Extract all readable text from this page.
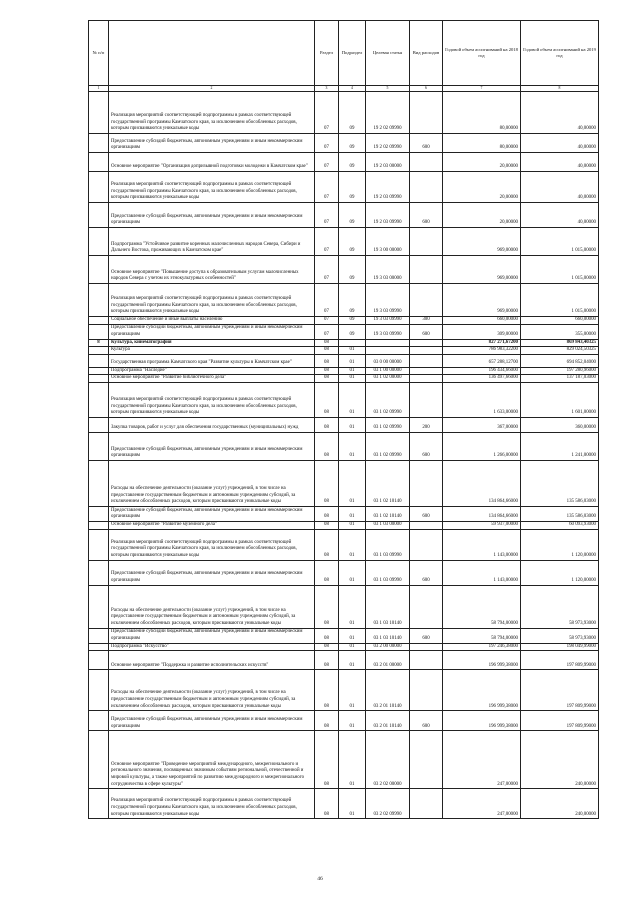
№ п/п		Раздел	Подраздел	Целевая статья	Вид расходов	Годовой объем ассигнований на 2018 год	Годовой объем ассигнований на 2019 год
1	2	3	4	5	6	7	8
	Реализация мероприятий соответствующей подпрограммы в рамках соответствующей государственной программы Камчатского края, за исключением обособленных расходов, которым присваиваются уникальные коды	07	09	19 2 02 09990		80,00000	40,00000
	Предоставление субсидий бюджетным, автономным учреждениям и иным некоммерческим организациям	07	09	19 2 02 09990	600	80,00000	40,00000
	Основное мероприятие "Организация допризывной подготовки молодежи в Камчатском крае"	07	09	19 2 03 00000		20,00000	40,00000
	Реализация мероприятий соответствующей подпрограммы в рамках соответствующей государственной программы Камчатского края, за исключением обособленных расходов, которым присваиваются уникальные коды	07	09	19 2 03 09990		20,00000	40,00000
	Предоставление субсидий бюджетным, автономным учреждениям и иным некоммерческим организациям	07	09	19 2 03 09990	600	20,00000	40,00000
	Подпрограмма "Устойчивое развитие коренных малочисленных народов Севера, Сибири и Дальнего Востока, проживающих в Камчатском крае"	07	09	19 3 00 00000		969,00000	1 015,00000
	Основное мероприятие "Повышение доступа к образовательным услугам малочисленных народов Севера с учетом их этнокультурных особенностей"	07	09	19 3 03 00000		969,00000	1 015,00000
	Реализация мероприятий соответствующей подпрограммы в рамках соответствующей государственной программы Камчатского края, за исключением обособленных расходов, которым присваиваются уникальные коды	07	09	19 3 03 09990		969,00000	1 015,00000
	Социальное обеспечение и иные выплаты населению	07	09	19 3 03 09990	300	660,00000	660,00000
	Предоставление субсидий бюджетным, автономным учреждениям и иным некоммерческим организациям	07	09	19 3 03 09990	600	309,00000	355,00000
8	Культура, кинематография	08				827 271,67200	869 843,40325
	Культура	08	01			786 983,32200	829 024,50325
	Государственная программа Камчатского края "Развитие культуры в Камчатском крае"	08	01	03 0 00 00000		657 288,12700	694 852,04000
	Подпрограмма "Наследие"	08	01	03 1 00 00000		196 434,66000	197 280,96000
	Основное мероприятие "Развитие библиотечного дела"	08	01	03 1 02 00000		136 497,66000	137 187,03000
	Реализация мероприятий соответствующей подпрограммы в рамках соответствующей государственной программы Камчатского края, за исключением обособленных расходов, которым присваиваются уникальные коды	08	01	03 1 02 09990		1 633,00000	1 601,00000
	Закупка товаров, работ и услуг для обеспечения государственных (муниципальных) нужд	08	01	03 1 02 09990	200	367,00000	360,00000
	Предоставление субсидий бюджетным, автономным учреждениям и иным некоммерческим организациям	08	01	03 1 02 09990	600	1 266,00000	1 241,00000
	Расходы на обеспечение деятельности (оказание услуг) учреждений, в том числе на предоставление государственным бюджетным и автономным учреждениям субсидий, за исключением обособленных расходов, которым присваиваются уникальные коды	08	01	03 1 02 10140		134 864,66000	135 586,03000
	Предоставление субсидий бюджетным, автономным учреждениям и иным некоммерческим организациям	08	01	03 1 02 10140	600	134 864,66000	135 586,03000
	Основное мероприятие "Развитие музейного дела"	08	01	03 1 03 00000		59 937,00000	60 093,93000
	Реализация мероприятий соответствующей подпрограммы в рамках соответствующей государственной программы Камчатского края, за исключением обособленных расходов, которым присваиваются уникальные коды	08	01	03 1 03 09990		1 143,00000	1 120,00000
	Предоставление субсидий бюджетным, автономным учреждениям и иным некоммерческим организациям	08	01	03 1 03 09990	600	1 143,00000	1 120,00000
	Расходы на обеспечение деятельности (оказание услуг) учреждений, в том числе на предоставление государственным бюджетным и автономным учреждениям субсидий, за исключением обособленных расходов, которым присваиваются уникальные коды	08	01	03 1 03 10140		58 794,00000	58 973,93000
	Предоставление субсидий бюджетным, автономным учреждениям и иным некоммерческим организациям	08	01	03 1 03 10140	600	58 794,00000	58 973,93000
	Подпрограмма "Искусство"	08	01	03 2 00 00000		197 246,38000	198 049,99000
	Основное мероприятие "Поддержка и развитие исполнительских искусств"	08	01	03 2 01 00000		196 999,38000	197 809,99000
	Расходы на обеспечение деятельности (оказание услуг) учреждений, в том числе на предоставление государственным бюджетным и автономным учреждениям субсидий, за исключением обособленных расходов, которым присваиваются уникальные коды	08	01	03 2 01 10140		196 999,38000	197 809,99000
	Предоставление субсидий бюджетным, автономным учреждениям и иным некоммерческим организациям	08	01	03 2 01 10140	600	196 999,38000	197 809,99000
	Основное мероприятие "Проведение мероприятий международного, межрегионального и регионального значения, посвященных значимым событиям региональной, отечественной и мировой культуры, а также мероприятий по развитию международного и межрегионального сотрудничества в сфере культуры"	08	01	03 2 02 00000		247,00000	240,00000
	Реализация мероприятий соответствующей подпрограммы в рамках соответствующей государственной программы Камчатского края, за исключением обособленных расходов, которым присваиваются уникальные коды	08	01	03 2 02 09990		247,00000	240,00000
46
